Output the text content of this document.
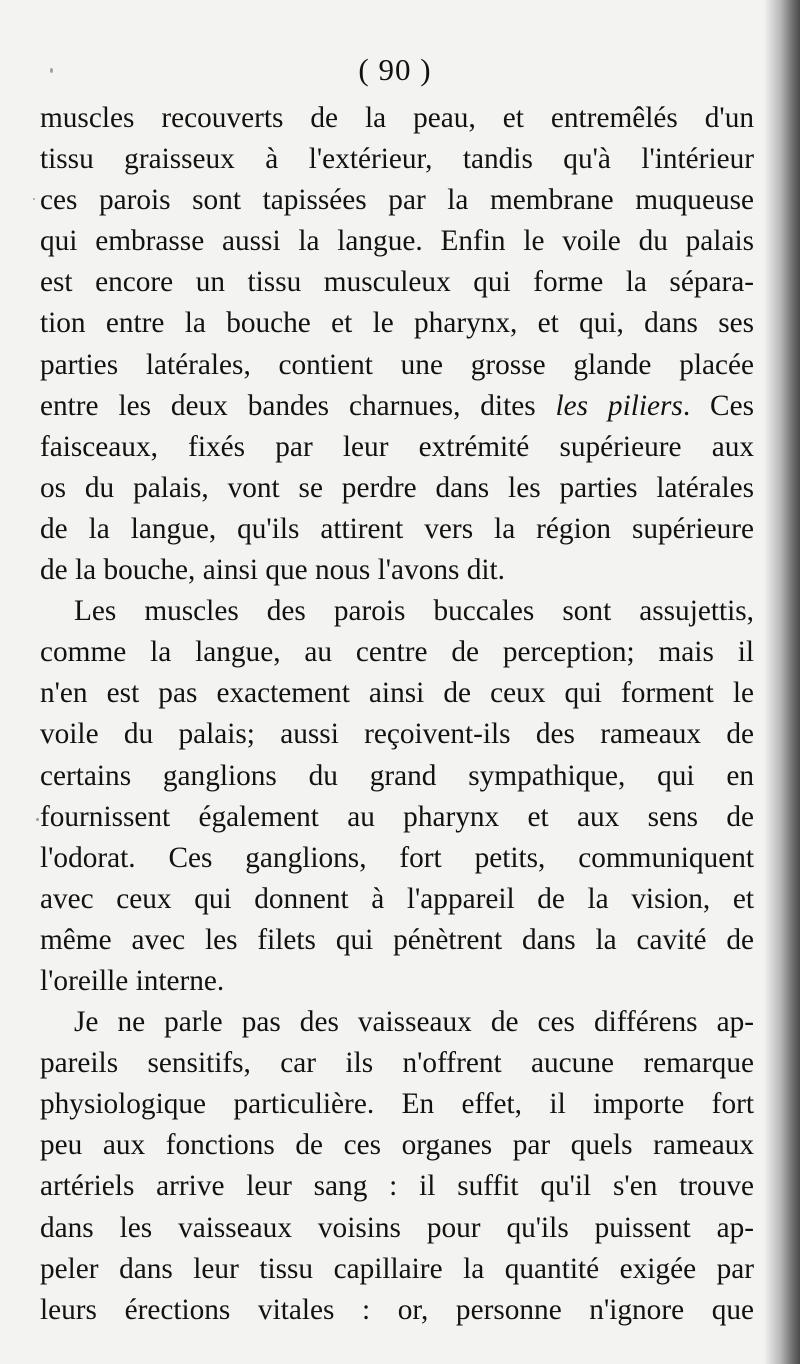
( 90 )
muscles recouverts de la peau, et entremêlés d'un
tissu graisseux à l'extérieur, tandis qu'à l'intérieur
ces parois sont tapissées par la membrane muqueuse
qui embrasse aussi la langue. Enfin le voile du palais
est encore un tissu musculeux qui forme la sépara-
tion entre la bouche et le pharynx, et qui, dans ses
parties latérales, contient une grosse glande placée
entre les deux bandes charnues, dites les piliers. Ces
faisceaux, fixés par leur extrémité supérieure aux
os du palais, vont se perdre dans les parties latérales
de la langue, qu'ils attirent vers la région supérieure
de la bouche, ainsi que nous l'avons dit.
Les muscles des parois buccales sont assujettis,
comme la langue, au centre de perception; mais il
n'en est pas exactement ainsi de ceux qui forment le
voile du palais; aussi reçoivent-ils des rameaux de
certains ganglions du grand sympathique, qui en
fournissent également au pharynx et aux sens de
l'odorat. Ces ganglions, fort petits, communiquent
avec ceux qui donnent à l'appareil de la vision, et
même avec les filets qui pénètrent dans la cavité de
l'oreille interne.
Je ne parle pas des vaisseaux de ces différens ap-
pareils sensitifs, car ils n'offrent aucune remarque
physiologique particulière. En effet, il importe fort
peu aux fonctions de ces organes par quels rameaux
artériels arrive leur sang : il suffit qu'il s'en trouve
dans les vaisseaux voisins pour qu'ils puissent ap-
peler dans leur tissu capillaire la quantité exigée par
leurs érections vitales : or, personne n'ignore que
